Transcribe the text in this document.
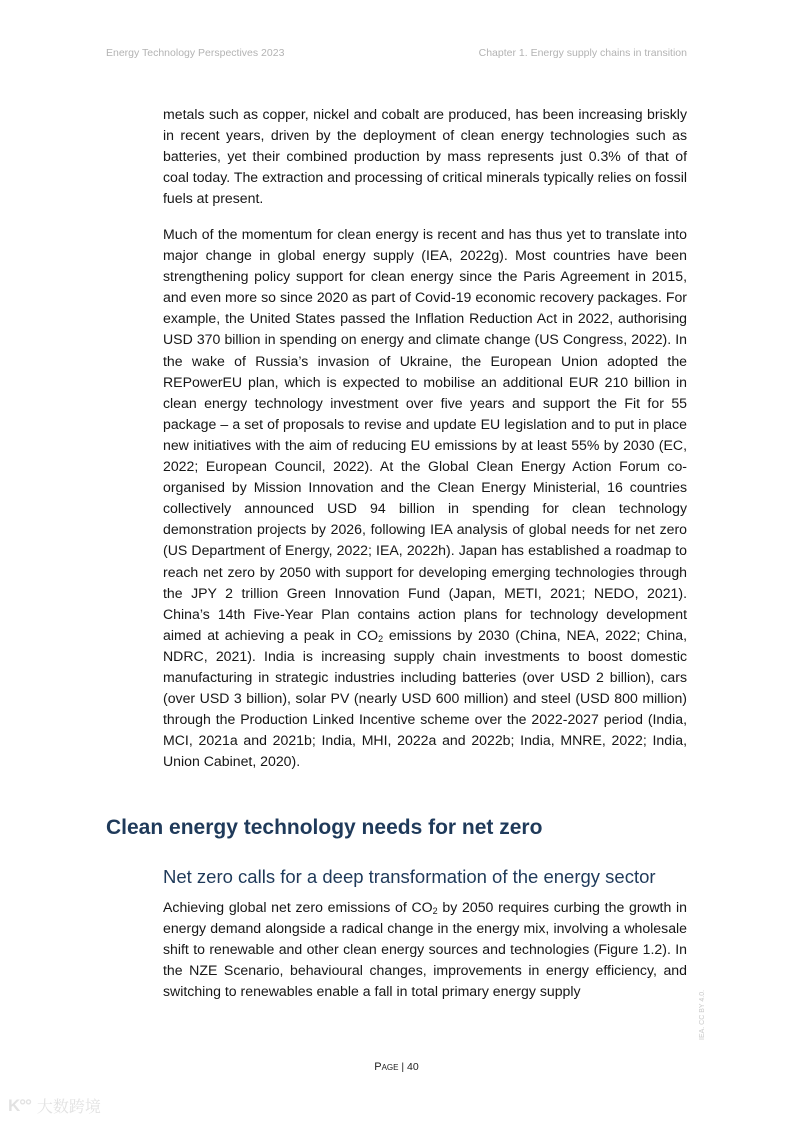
Energy Technology Perspectives 2023	Chapter 1. Energy supply chains in transition

metals such as copper, nickel and cobalt are produced, has been increasing briskly in recent years, driven by the deployment of clean energy technologies such as batteries, yet their combined production by mass represents just 0.3% of that of coal today. The extraction and processing of critical minerals typically relies on fossil fuels at present.

Much of the momentum for clean energy is recent and has thus yet to translate into major change in global energy supply (IEA, 2022g). Most countries have been strengthening policy support for clean energy since the Paris Agreement in 2015, and even more so since 2020 as part of Covid-19 economic recovery packages. For example, the United States passed the Inflation Reduction Act in 2022, authorising USD 370 billion in spending on energy and climate change (US Congress, 2022). In the wake of Russia’s invasion of Ukraine, the European Union adopted the REPowerEU plan, which is expected to mobilise an additional EUR 210 billion in clean energy technology investment over five years and support the Fit for 55 package – a set of proposals to revise and update EU legislation and to put in place new initiatives with the aim of reducing EU emissions by at least 55% by 2030 (EC, 2022; European Council, 2022). At the Global Clean Energy Action Forum co-organised by Mission Innovation and the Clean Energy Ministerial, 16 countries collectively announced USD 94 billion in spending for clean technology demonstration projects by 2026, following IEA analysis of global needs for net zero (US Department of Energy, 2022; IEA, 2022h). Japan has established a roadmap to reach net zero by 2050 with support for developing emerging technologies through the JPY 2 trillion Green Innovation Fund (Japan, METI, 2021; NEDO, 2021). China’s 14th Five-Year Plan contains action plans for technology development aimed at achieving a peak in $CO_2$ emissions by 2030 (China, NEA, 2022; China, NDRC, 2021). India is increasing supply chain investments to boost domestic manufacturing in strategic industries including batteries (over USD 2 billion), cars (over USD 3 billion), solar PV (nearly USD 600 million) and steel (USD 800 million) through the Production Linked Incentive scheme over the 2022-2027 period (India, MCI, 2021a and 2021b; India, MHI, 2022a and 2022b; India, MNRE, 2022; India, Union Cabinet, 2020).

Clean energy technology needs for net zero
Net zero calls for a deep transformation of the energy sector

Achieving global net zero emissions of $CO_2$ by 2050 requires curbing the growth in energy demand alongside a radical change in the energy mix, involving a wholesale shift to renewable and other clean energy sources and technologies (Figure 1.2). In the NZE Scenario, behavioural changes, improvements in energy efficiency, and switching to renewables enable a fall in total primary energy supply

Page | 40
IEA. CC BY 4.0.
K°° 大数跨境
